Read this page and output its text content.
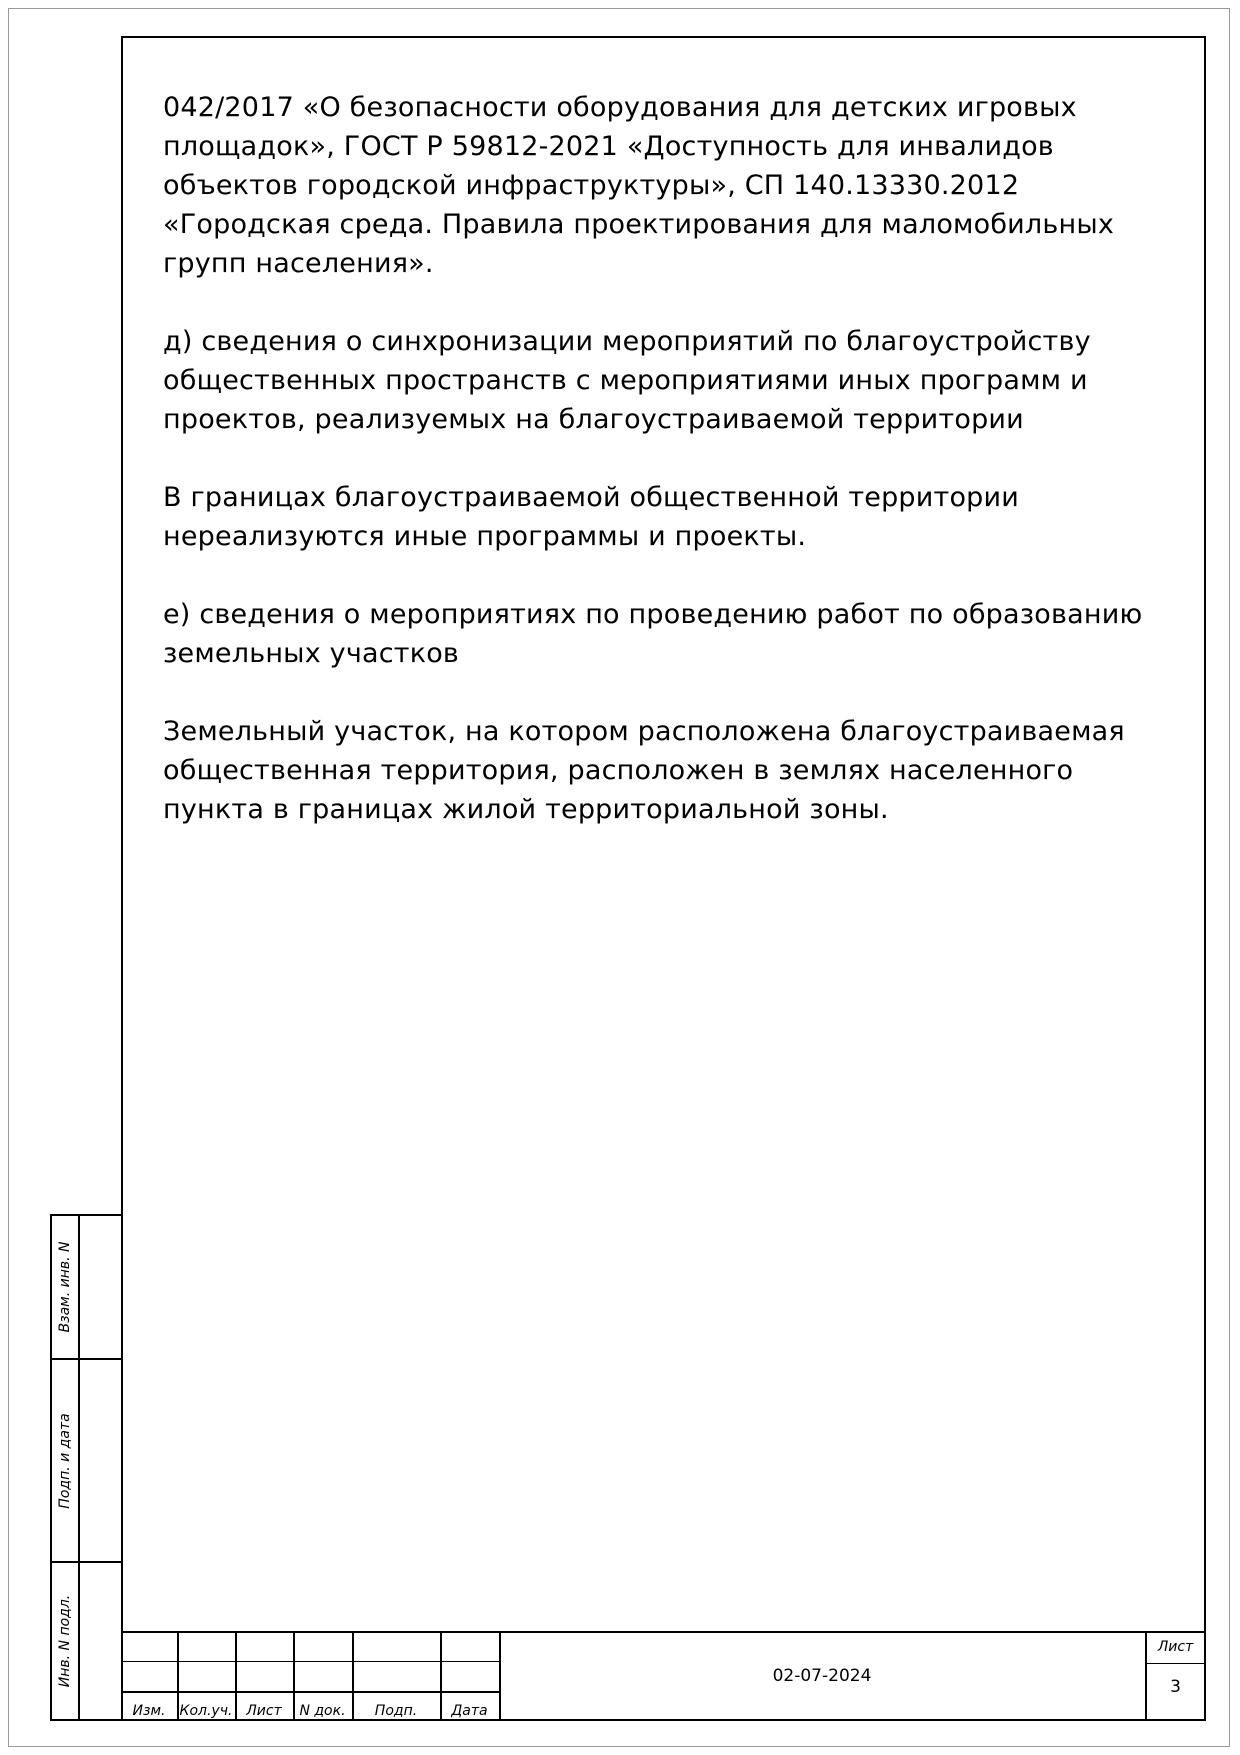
042/2017 «О безопасности оборудования для детских игровых площадок», ГОСТ Р 59812-2021 «Доступность для инвалидов объектов городской инфраструктуры», СП 140.13330.2012 «Городская среда. Правила проектирования для маломобильных групп населения».

д) сведения о синхронизации мероприятий по благоустройству общественных пространств с мероприятиями иных программ и проектов, реализуемых на благоустраиваемой территории

В границах благоустраиваемой общественной территории нереализуются иные программы и проекты.

е) сведения о мероприятиях по проведению работ по образованию земельных участков

Земельный участок, на котором расположена благоустраиваемая общественная территория, расположен в землях населенного пункта в границах жилой территориальной зоны.

Взам. инв. N
Подп. и дата
Инв. N подл.
Изм.	Кол.уч. Лист	N док.	Подп.	Дата
02-07-2024
Лист
3
